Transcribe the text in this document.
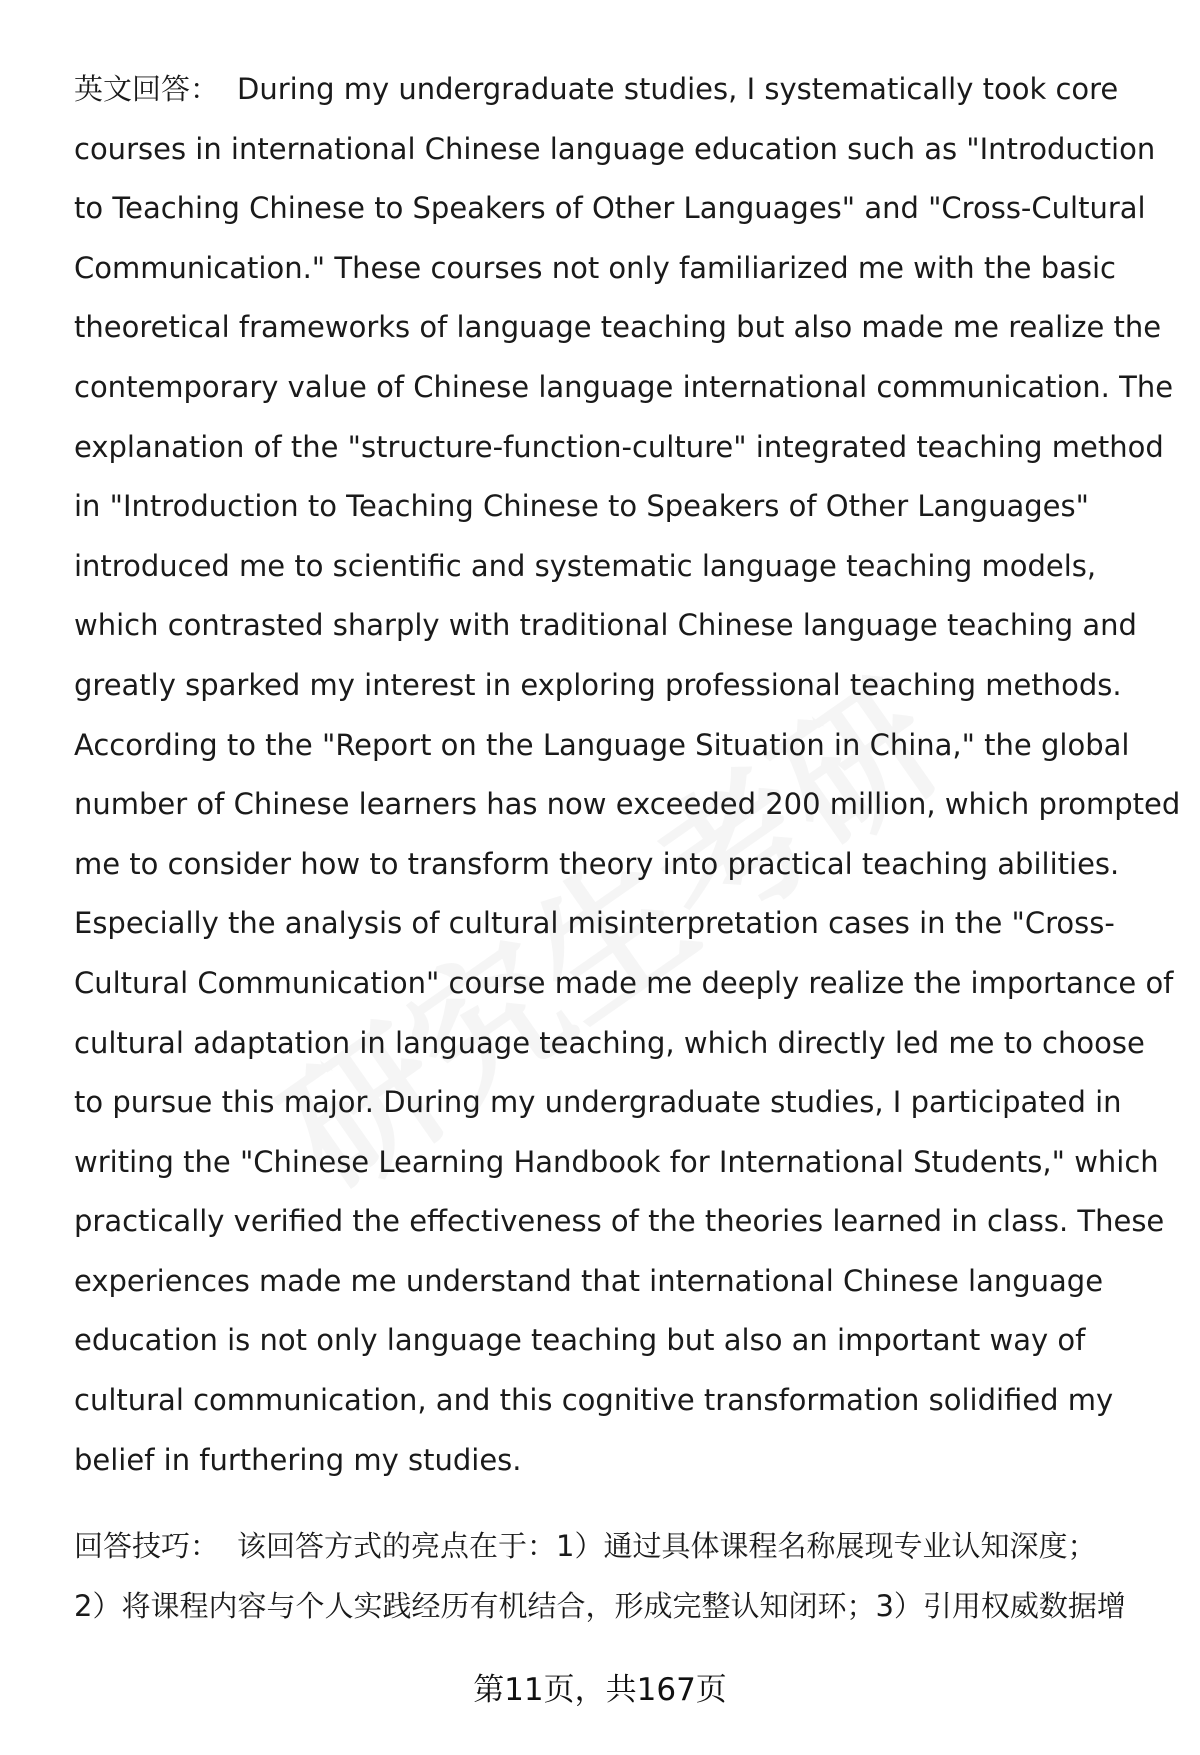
英文回答： During my undergraduate studies, I systematically took core
courses in international Chinese language education such as "Introduction
to Teaching Chinese to Speakers of Other Languages" and "Cross-Cultural
Communication." These courses not only familiarized me with the basic
theoretical frameworks of language teaching but also made me realize the
contemporary value of Chinese language international communication. The
explanation of the "structure-function-culture" integrated teaching method
in "Introduction to Teaching Chinese to Speakers of Other Languages"
introduced me to scientific and systematic language teaching models,
which contrasted sharply with traditional Chinese language teaching and
greatly sparked my interest in exploring professional teaching methods.
According to the "Report on the Language Situation in China," the global
number of Chinese learners has now exceeded 200 million, which prompted
me to consider how to transform theory into practical teaching abilities.
Especially the analysis of cultural misinterpretation cases in the "Cross-
Cultural Communication" course made me deeply realize the importance of
cultural adaptation in language teaching, which directly led me to choose
to pursue this major. During my undergraduate studies, I participated in
writing the "Chinese Learning Handbook for International Students," which
practically verified the effectiveness of the theories learned in class. These
experiences made me understand that international Chinese language
education is not only language teaching but also an important way of
cultural communication, and this cognitive transformation solidified my
belief in furthering my studies.
回答技巧： 该回答方式的亮点在于：1）通过具体课程名称展现专业认知深度；
2）将课程内容与个人实践经历有机结合，形成完整认知闭环；3）引用权威数据增
第11页，共167页
